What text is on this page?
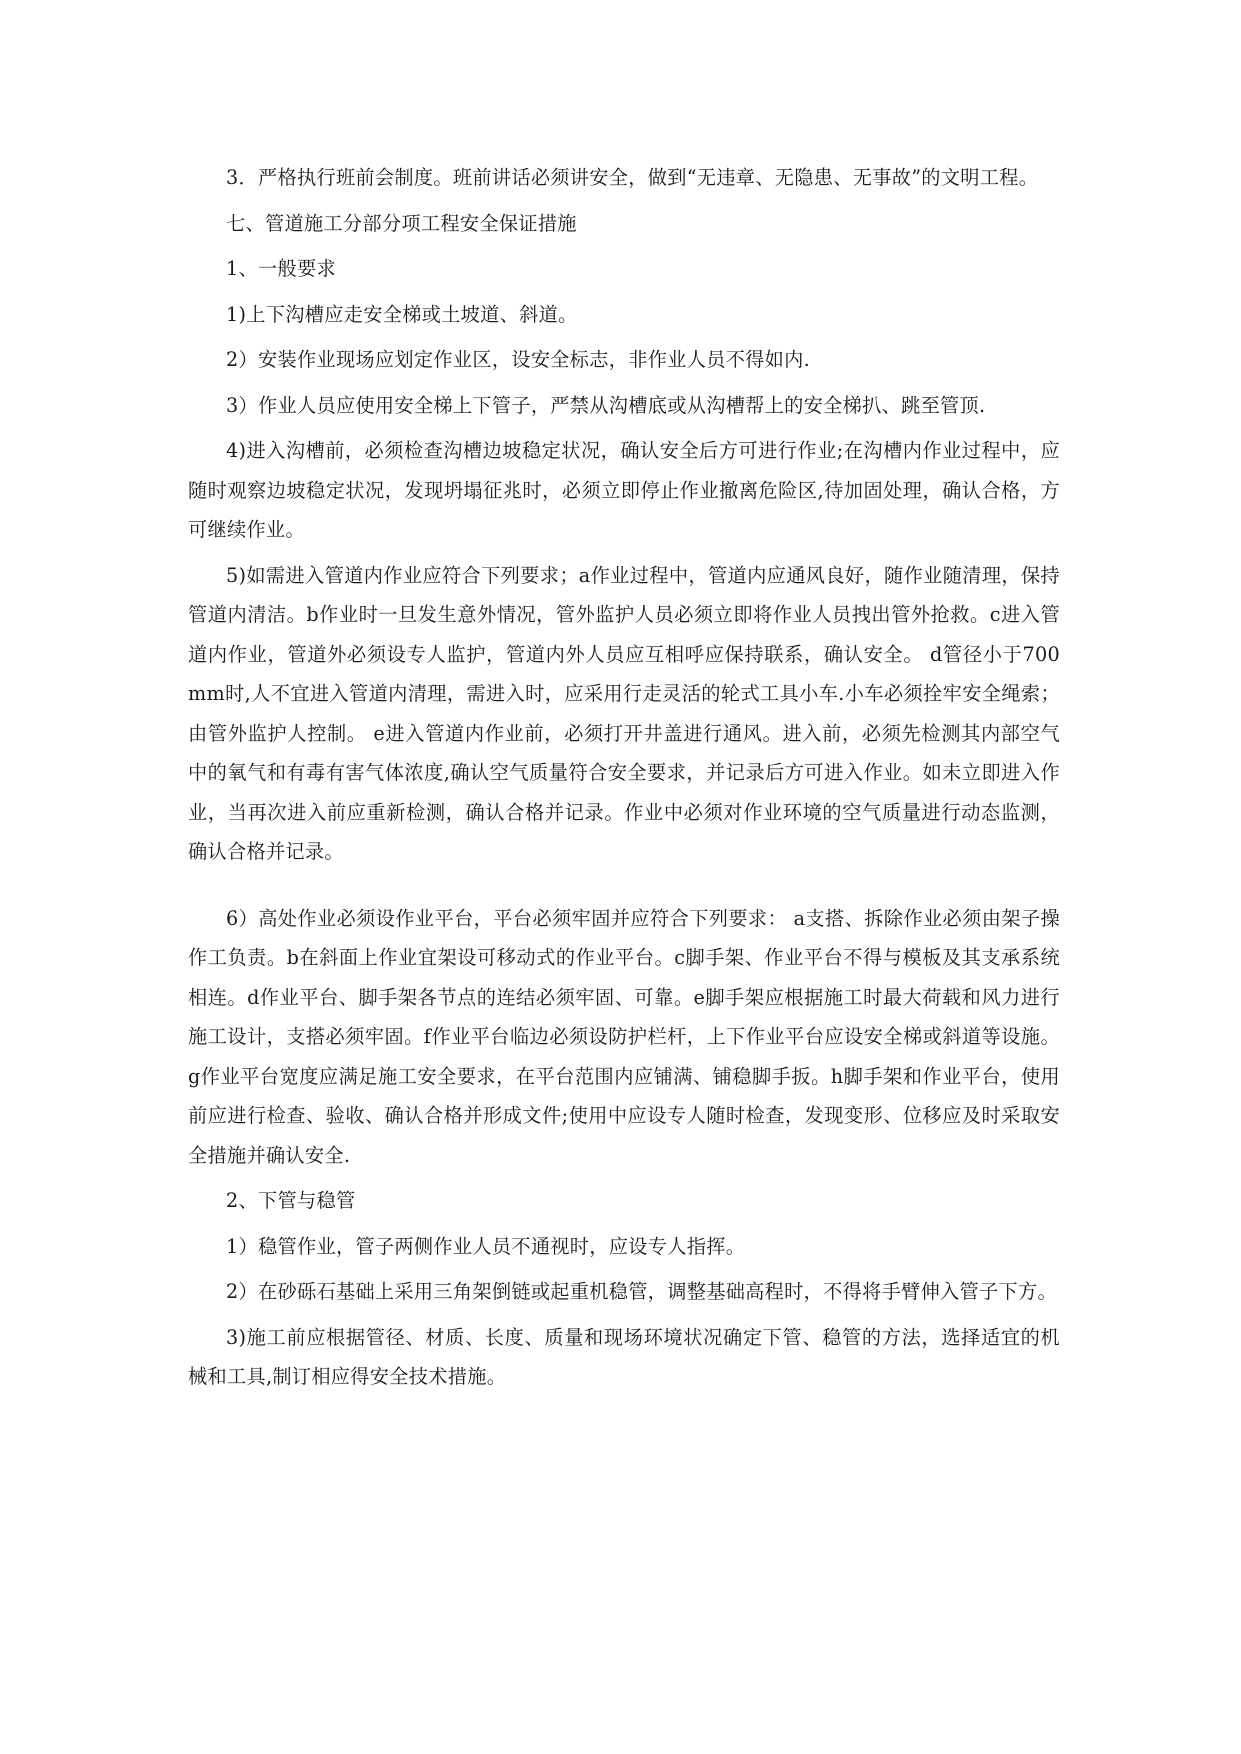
3．严格执行班前会制度。班前讲话必须讲安全，做到“无违章、无隐患、无事故”的文明工程。

七、管道施工分部分项工程安全保证措施

1、一般要求

1)上下沟槽应走安全梯或土坡道、斜道。

2）安装作业现场应划定作业区，设安全标志，非作业人员不得如内.

3）作业人员应使用安全梯上下管子，严禁从沟槽底或从沟槽帮上的安全梯扒、跳至管顶.

4)进入沟槽前，必须检查沟槽边坡稳定状况，确认安全后方可进行作业;在沟槽内作业过程中，应随时观察边坡稳定状况，发现坍塌征兆时，必须立即停止作业撤离危险区,待加固处理，确认合格，方可继续作业。

5)如需进入管道内作业应符合下列要求；a作业过程中，管道内应通风良好，随作业随清理，保持管道内清洁。b作业时一旦发生意外情况，管外监护人员必须立即将作业人员拽出管外抢救。c进入管道内作业，管道外必须设专人监护，管道内外人员应互相呼应保持联系，确认安全。 d管径小于700mm时,人不宜进入管道内清理，需进入时，应采用行走灵活的轮式工具小车.小车必须拴牢安全绳索；由管外监护人控制。 e进入管道内作业前，必须打开井盖进行通风。进入前，必须先检测其内部空气中的氧气和有毒有害气体浓度,确认空气质量符合安全要求，并记录后方可进入作业。如未立即进入作业，当再次进入前应重新检测，确认合格并记录。作业中必须对作业环境的空气质量进行动态监测，确认合格并记录。

6）高处作业必须设作业平台，平台必须牢固并应符合下列要求： a支搭、拆除作业必须由架子操作工负责。b在斜面上作业宜架设可移动式的作业平台。c脚手架、作业平台不得与模板及其支承系统相连。d作业平台、脚手架各节点的连结必须牢固、可靠。e脚手架应根据施工时最大荷载和风力进行施工设计，支搭必须牢固。f作业平台临边必须设防护栏杆，上下作业平台应设安全梯或斜道等设施。g作业平台宽度应满足施工安全要求，在平台范围内应铺满、铺稳脚手扳。h脚手架和作业平台，使用前应进行检查、验收、确认合格并形成文件;使用中应设专人随时检查，发现变形、位移应及时采取安全措施并确认安全.

2、下管与稳管

1）稳管作业，管子两侧作业人员不通视时，应设专人指挥。

2）在砂砾石基础上采用三角架倒链或起重机稳管，调整基础高程时，不得将手臂伸入管子下方。

3)施工前应根据管径、材质、长度、质量和现场环境状况确定下管、稳管的方法，选择适宜的机械和工具,制订相应得安全技术措施。
